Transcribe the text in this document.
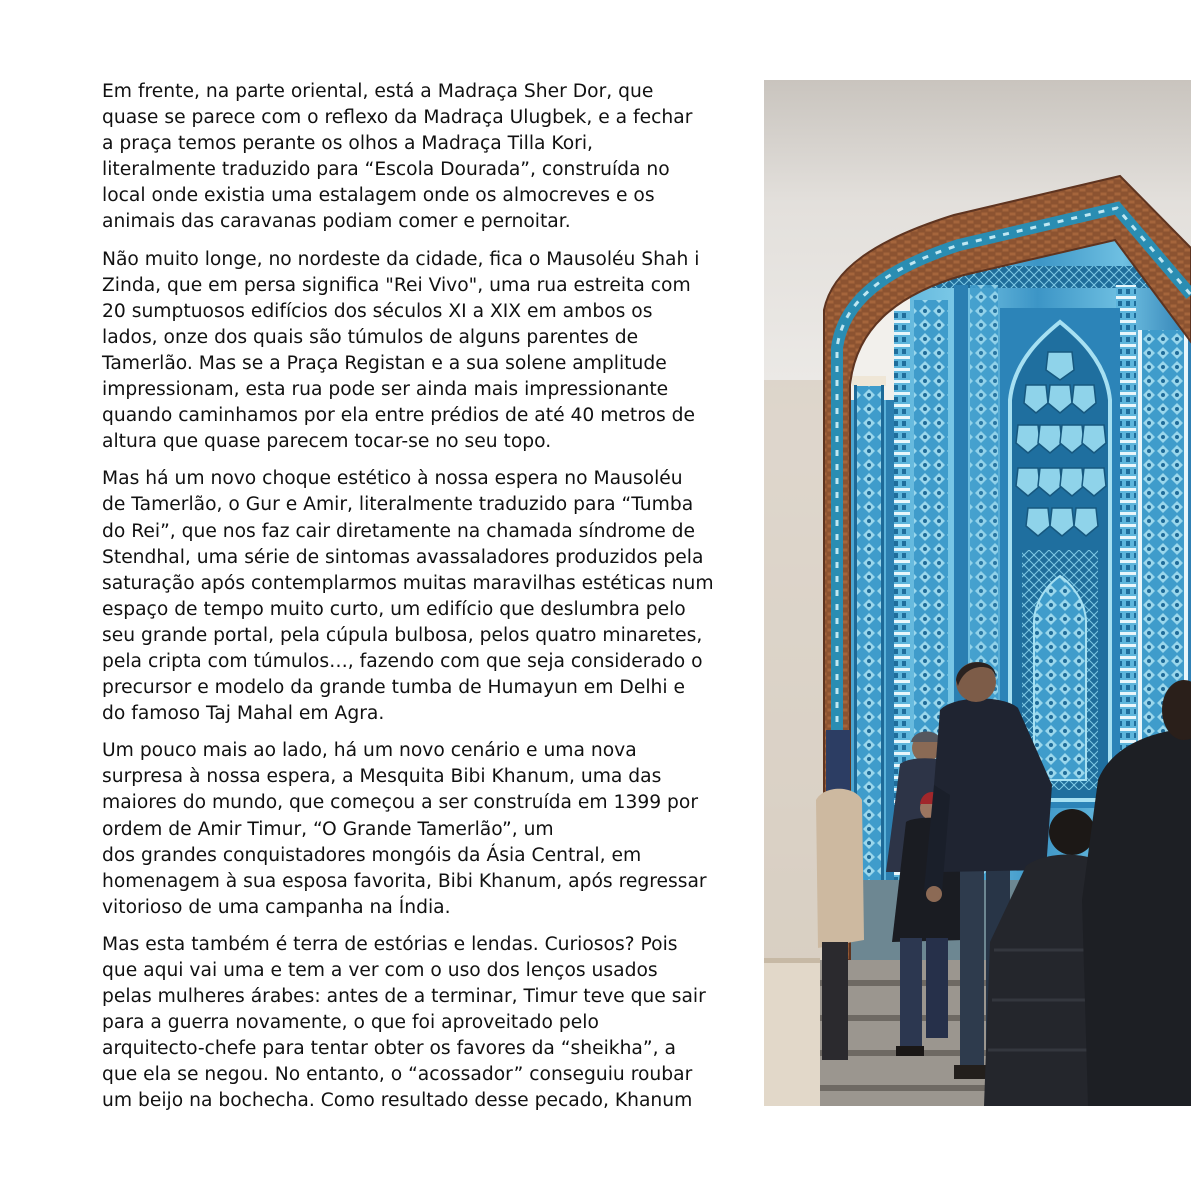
Em frente, na parte oriental, está a Madraça Sher Dor, que
quase se parece com o reflexo da Madraça Ulugbek, e a fechar
a praça temos perante os olhos a Madraça Tilla Kori,
literalmente traduzido para “Escola Dourada”, construída no
local onde existia uma estalagem onde os almocreves e os
animais das caravanas podiam comer e pernoitar.

Não muito longe, no nordeste da cidade, fica o Mausoléu Shah i
Zinda, que em persa significa "Rei Vivo", uma rua estreita com
20 sumptuosos edifícios dos séculos XI a XIX em ambos os
lados, onze dos quais são túmulos de alguns parentes de
Tamerlão. Mas se a Praça Registan e a sua solene amplitude
impressionam, esta rua pode ser ainda mais impressionante
quando caminhamos por ela entre prédios de até 40 metros de
altura que quase parecem tocar-se no seu topo.

Mas há um novo choque estético à nossa espera no Mausoléu
de Tamerlão, o Gur e Amir, literalmente traduzido para “Tumba
do Rei”, que nos faz cair diretamente na chamada síndrome de
Stendhal, uma série de sintomas avassaladores produzidos pela
saturação após contemplarmos muitas maravilhas estéticas num
espaço de tempo muito curto, um edifício que deslumbra pelo
seu grande portal, pela cúpula bulbosa, pelos quatro minaretes,
pela cripta com túmulos…, fazendo com que seja considerado o
precursor e modelo da grande tumba de Humayun em Delhi e
do famoso Taj Mahal em Agra.

Um pouco mais ao lado, há um novo cenário e uma nova
surpresa à nossa espera, a Mesquita Bibi Khanum, uma das
maiores do mundo, que começou a ser construída em 1399 por
ordem de Amir Timur, “O Grande Tamerlão”, um
dos grandes conquistadores mongóis da Ásia Central, em
homenagem à sua esposa favorita, Bibi Khanum, após regressar
vitorioso de uma campanha na Índia.

Mas esta também é terra de estórias e lendas. Curiosos? Pois
que aqui vai uma e tem a ver com o uso dos lenços usados
pelas mulheres árabes: antes de a terminar, Timur teve que sair
para a guerra novamente, o que foi aproveitado pelo
arquitecto-chefe para tentar obter os favores da “sheikha”, a
que ela se negou. No entanto, o “acossador” conseguiu roubar
um beijo na bochecha. Como resultado desse pecado, Khanum
